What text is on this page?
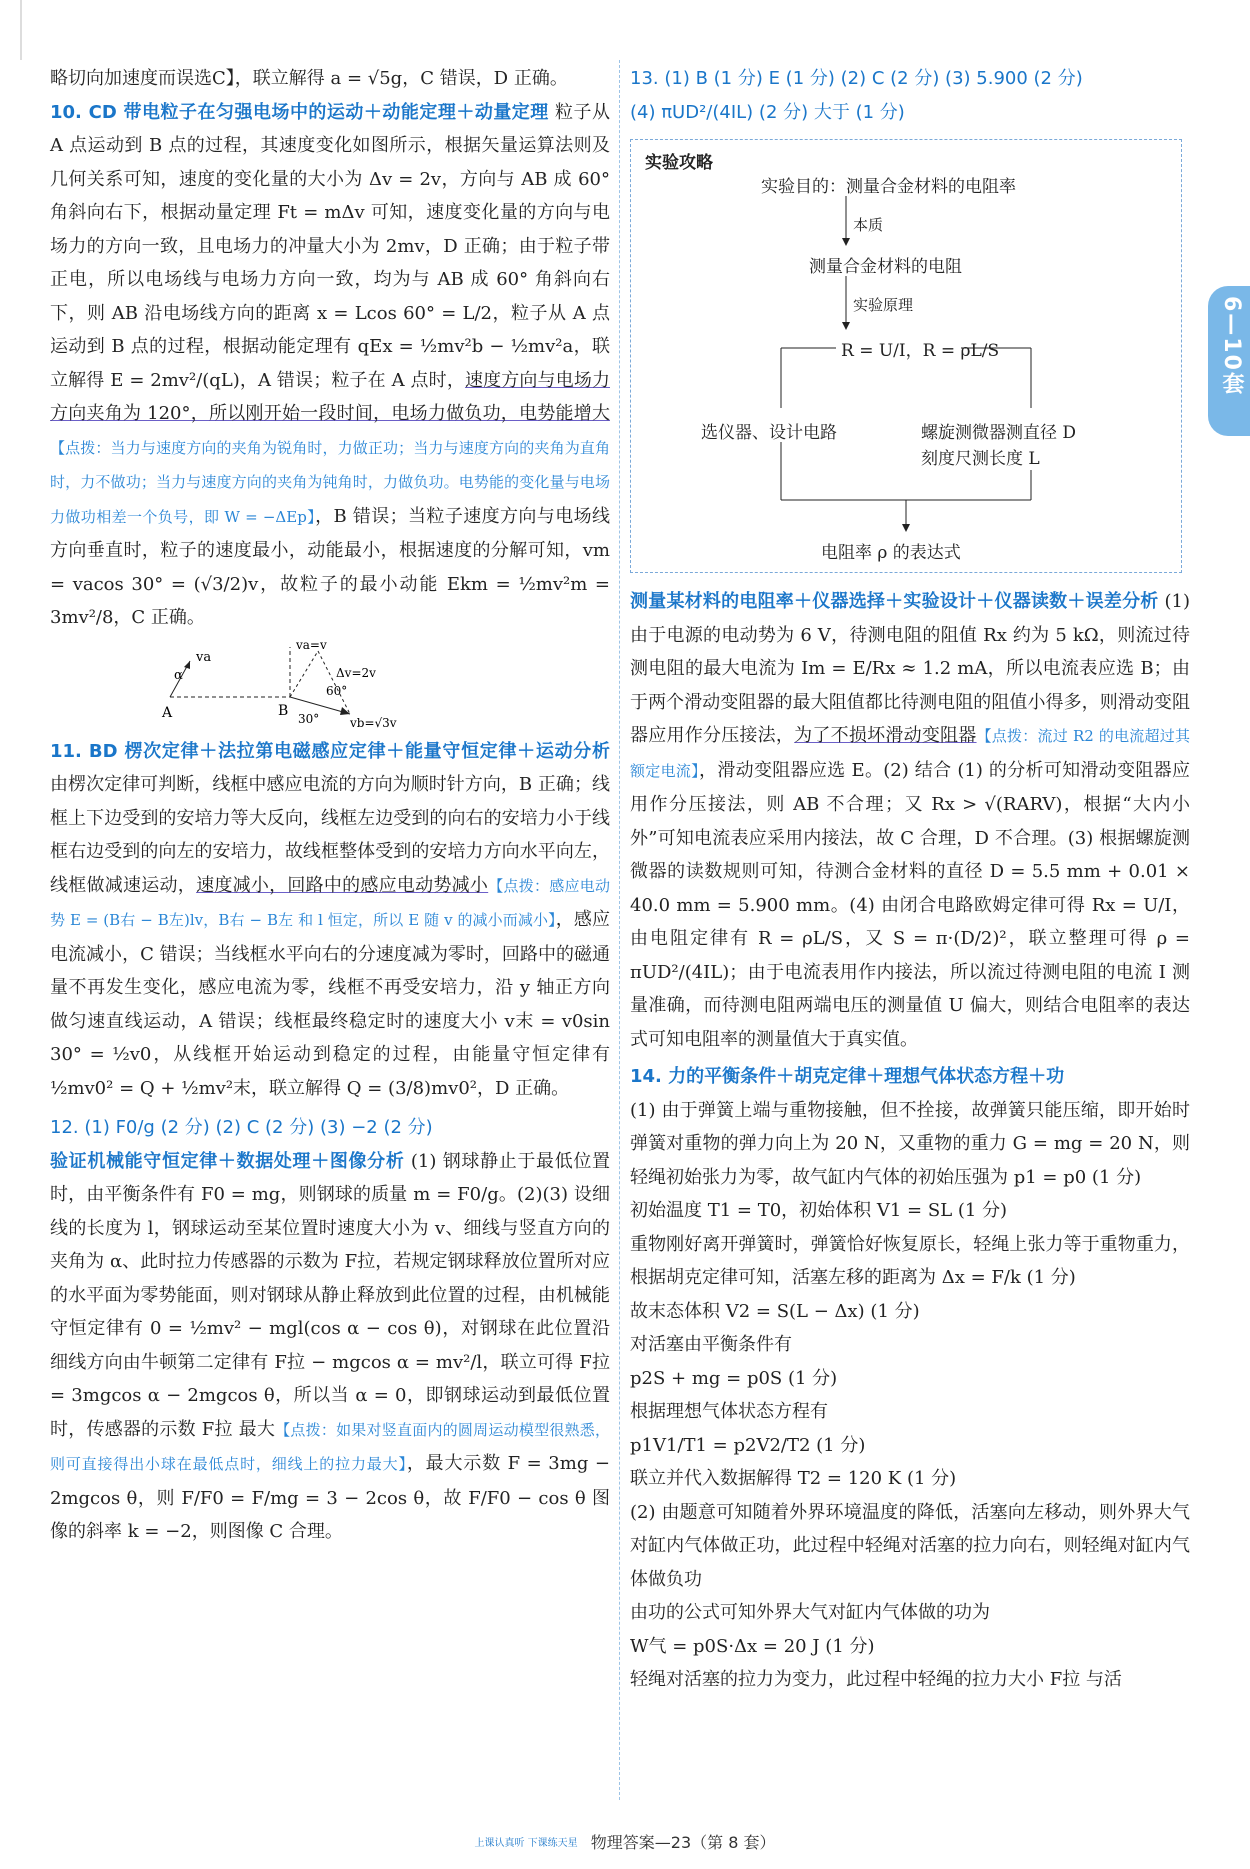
略切向加速度而误选C】，联立解得 a = √5g，C 错误，D 正确。

10. CD 带电粒子在匀强电场中的运动＋动能定理＋动量定理 粒子从 A 点运动到 B 点的过程，其速度变化如图所示，根据矢量运算法则及几何关系可知，速度的变化量的大小为 Δv = 2v，方向与 AB 成 60° 角斜向右下，根据动量定理 Ft = mΔv 可知，速度变化量的方向与电场力的方向一致，且电场力的冲量大小为 2mv，D 正确；由于粒子带正电，所以电场线与电场力方向一致，均为与 AB 成 60° 角斜向右下，则 AB 沿电场线方向的距离 x = Lcos 60° = L/2，粒子从 A 点运动到 B 点的过程，根据动能定理有 qEx = ½mv²b − ½mv²a，联立解得 E = 2mv²/(qL)，A 错误；粒子在 A 点时，速度方向与电场力方向夹角为 120°，所以刚开始一段时间，电场力做负功，电势能增大【点拨：当力与速度方向的夹角为锐角时，力做正功；当力与速度方向的夹角为直角时，力不做功；当力与速度方向的夹角为钝角时，力做负功。电势能的变化量与电场力做功相差一个负号，即 W = −ΔEp】，B 错误；当粒子速度方向与电场线方向垂直时，粒子的速度最小，动能最小，根据速度的分解可知，vm = vacos 30° = (√3/2)v，故粒子的最小动能 Ekm = ½mv²m = 3mv²/8，C 正确。

va
α
A	B
va=v
Δv=2v
60°
30°	vb=√3v

11. BD 楞次定律＋法拉第电磁感应定律＋能量守恒定律＋运动分析 由楞次定律可判断，线框中感应电流的方向为顺时针方向，B 正确；线框上下边受到的安培力等大反向，线框左边受到的向右的安培力小于线框右边受到的向左的安培力，故线框整体受到的安培力方向水平向左，线框做减速运动，速度减小，回路中的感应电动势减小【点拨：感应电动势 E = (B右 − B左)lv，B右 − B左 和 l 恒定，所以 E 随 v 的减小而减小】，感应电流减小，C 错误；当线框水平向右的分速度减为零时，回路中的磁通量不再发生变化，感应电流为零，线框不再受安培力，沿 y 轴正方向做匀速直线运动，A 错误；线框最终稳定时的速度大小 v末 = v0sin 30° = ½v0，从线框开始运动到稳定的过程，由能量守恒定律有 ½mv0² = Q + ½mv²末，联立解得 Q = (3/8)mv0²，D 正确。

12. (1) F0/g (2 分) (2) C (2 分) (3) −2 (2 分)

验证机械能守恒定律＋数据处理＋图像分析 (1) 钢球静止于最低位置时，由平衡条件有 F0 = mg，则钢球的质量 m = F0/g。(2)(3) 设细线的长度为 l，钢球运动至某位置时速度大小为 v、细线与竖直方向的夹角为 α、此时拉力传感器的示数为 F拉，若规定钢球释放位置所对应的水平面为零势能面，则对钢球从静止释放到此位置的过程，由机械能守恒定律有 0 = ½mv² − mgl(cos α − cos θ)，对钢球在此位置沿细线方向由牛顿第二定律有 F拉 − mgcos α = mv²/l，联立可得 F拉 = 3mgcos α − 2mgcos θ，所以当 α = 0，即钢球运动到最低位置时，传感器的示数 F拉 最大【点拨：如果对竖直面内的圆周运动模型很熟悉，则可直接得出小球在最低点时，细线上的拉力最大】，最大示数 F = 3mg − 2mgcos θ，则 F/F0 = F/mg = 3 − 2cos θ，故 F/F0 − cos θ 图像的斜率 k = −2，则图像 C 合理。

13. (1) B (1 分) E (1 分) (2) C (2 分) (3) 5.900 (2 分)

(4) πUD²/(4IL) (2 分) 大于 (1 分)

实验攻略
实验目的：测量合金材料的电阻率
本质
测量合金材料的电阻
实验原理
R = U/I，R = ρL/S
选仪器、设计电路	螺旋测微器测直径 D
刻度尺测长度 L
电阻率 ρ 的表达式

测量某材料的电阻率＋仪器选择＋实验设计＋仪器读数＋误差分析 (1) 由于电源的电动势为 6 V，待测电阻的阻值 Rx 约为 5 kΩ，则流过待测电阻的最大电流为 Im = E/Rx ≈ 1.2 mA，所以电流表应选 B；由于两个滑动变阻器的最大阻值都比待测电阻的阻值小得多，则滑动变阻器应用作分压接法，为了不损坏滑动变阻器【点拨：流过 R2 的电流超过其额定电流】，滑动变阻器应选 E。(2) 结合 (1) 的分析可知滑动变阻器应用作分压接法，则 AB 不合理；又 Rx > √(RARV)，根据“大内小外”可知电流表应采用内接法，故 C 合理，D 不合理。(3) 根据螺旋测微器的读数规则可知，待测合金材料的直径 D = 5.5 mm + 0.01 × 40.0 mm = 5.900 mm。(4) 由闭合电路欧姆定律可得 Rx = U/I，由电阻定律有 R = ρL/S，又 S = π·(D/2)²，联立整理可得 ρ = πUD²/(4IL)；由于电流表用作内接法，所以流过待测电阻的电流 I 测量准确，而待测电阻两端电压的测量值 U 偏大，则结合电阻率的表达式可知电阻率的测量值大于真实值。

14. 力的平衡条件＋胡克定律＋理想气体状态方程＋功

(1) 由于弹簧上端与重物接触，但不拴接，故弹簧只能压缩，即开始时弹簧对重物的弹力向上为 20 N，又重物的重力 G = mg = 20 N，则轻绳初始张力为零，故气缸内气体的初始压强为 p1 = p0 (1 分)

初始温度 T1 = T0，初始体积 V1 = SL (1 分)

重物刚好离开弹簧时，弹簧恰好恢复原长，轻绳上张力等于重物重力，根据胡克定律可知，活塞左移的距离为 Δx = F/k (1 分)

故末态体积 V2 = S(L − Δx) (1 分)

对活塞由平衡条件有

p2S + mg = p0S (1 分)

根据理想气体状态方程有

p1V1/T1 = p2V2/T2 (1 分)

联立并代入数据解得 T2 = 120 K (1 分)

(2) 由题意可知随着外界环境温度的降低，活塞向左移动，则外界大气对缸内气体做正功，此过程中轻绳对活塞的拉力向右，则轻绳对缸内气体做负功

由功的公式可知外界大气对缸内气体做的功为

W气 = p0S·Δx = 20 J (1 分)

轻绳对活塞的拉力为变力，此过程中轻绳的拉力大小 F拉 与活

6—10套
上课认真听 下课练天星 物理答案—23（第 8 套）
